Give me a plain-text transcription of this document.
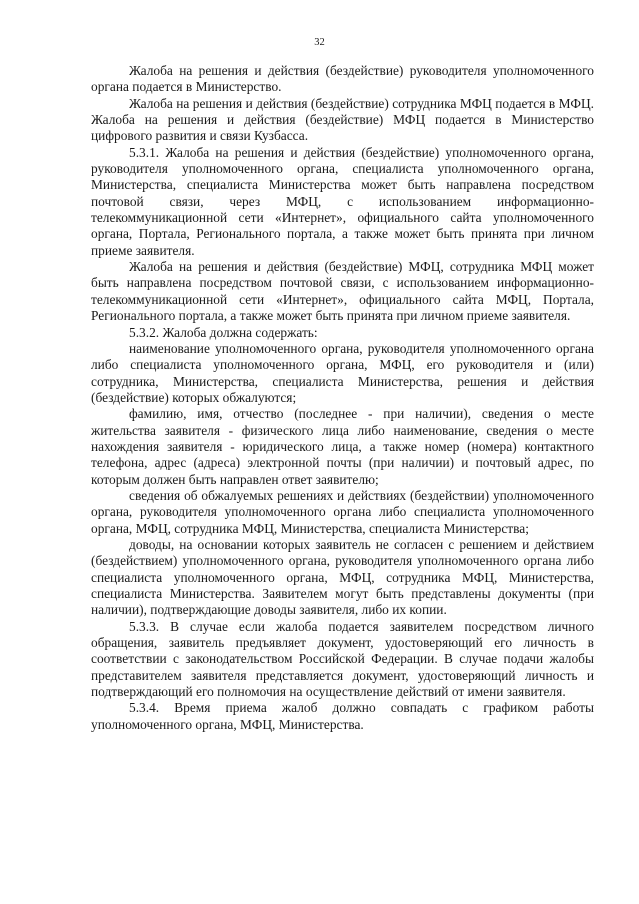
32

Жалоба на решения и действия (бездействие) руководителя уполномоченного органа подается в Министерство.

Жалоба на решения и действия (бездействие) сотрудника МФЦ подается в МФЦ. Жалоба на решения и действия (бездействие) МФЦ подается в Министерство цифрового развития и связи Кузбасса.

5.3.1. Жалоба на решения и действия (бездействие) уполномоченного органа, руководителя уполномоченного органа, специалиста уполномоченного органа, Министерства, специалиста Министерства может быть направлена посредством почтовой связи, через МФЦ, с использованием информационно-телекоммуникационной сети «Интернет», официального сайта уполномоченного органа, Портала, Регионального портала, а также может быть принята при личном приеме заявителя.

Жалоба на решения и действия (бездействие) МФЦ, сотрудника МФЦ может быть направлена посредством почтовой связи, с использованием информационно-телекоммуникационной сети «Интернет», официального сайта МФЦ, Портала, Регионального портала, а также может быть принята при личном приеме заявителя.

5.3.2. Жалоба должна содержать:

наименование уполномоченного органа, руководителя уполномоченного органа либо специалиста уполномоченного органа, МФЦ, его руководителя и (или) сотрудника, Министерства, специалиста Министерства, решения и действия (бездействие) которых обжалуются;

фамилию, имя, отчество (последнее - при наличии), сведения о месте жительства заявителя - физического лица либо наименование, сведения о месте нахождения заявителя - юридического лица, а также номер (номера) контактного телефона, адрес (адреса) электронной почты (при наличии) и почтовый адрес, по которым должен быть направлен ответ заявителю;

сведения об обжалуемых решениях и действиях (бездействии) уполномоченного органа, руководителя уполномоченного органа либо специалиста уполномоченного органа, МФЦ, сотрудника МФЦ, Министерства, специалиста Министерства;

доводы, на основании которых заявитель не согласен с решением и действием (бездействием) уполномоченного органа, руководителя уполномоченного органа либо специалиста уполномоченного органа, МФЦ, сотрудника МФЦ, Министерства, специалиста Министерства. Заявителем могут быть представлены документы (при наличии), подтверждающие доводы заявителя, либо их копии.

5.3.3. В случае если жалоба подается заявителем посредством личного обращения, заявитель предъявляет документ, удостоверяющий его личность в соответствии с законодательством Российской Федерации. В случае подачи жалобы представителем заявителя представляется документ, удостоверяющий личность и подтверждающий его полномочия на осуществление действий от имени заявителя.

5.3.4. Время приема жалоб должно совпадать с графиком работы уполномоченного органа, МФЦ, Министерства.
